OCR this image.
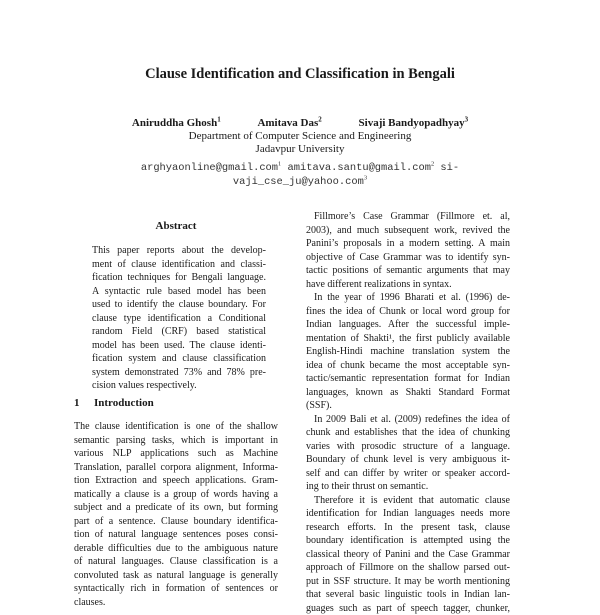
Clause Identification and Classification in Bengali
Aniruddha Ghosh$^1$	Amitava Das$^2$	Sivaji Bandyopadhyay$^3$
Department of Computer Science and Engineering
Jadavpur University
arghyaonline@gmail.com$^1$ amitava.santu@gmail.com$^2$ si-
vaji_cse_ju@yahoo.com$^3$
Abstract
This paper reports about the develop-
ment of clause identification and classi-
fication techniques for Bengali language.
A syntactic rule based model has been
used to identify the clause boundary. For
clause type identification a Conditional
random Field (CRF) based statistical
model has been used. The clause identi-
fication system and clause classification
system demonstrated 73% and 78% pre-
cision values respectively.
1 Introduction
The clause identification is one of the shallow
semantic parsing tasks, which is important in
various NLP applications such as Machine
Translation, parallel corpora alignment, Informa-
tion Extraction and speech applications. Gram-
matically a clause is a group of words having a
subject and a predicate of its own, but forming
part of a sentence. Clause boundary identifica-
tion of natural language sentences poses consi-
derable difficulties due to the ambiguous nature
of natural languages. Clause classification is a
convoluted task as natural language is generally
syntactically rich in formation of sentences or
clauses.
Fillmore’s Case Grammar (Fillmore et. al,
2003), and much subsequent work, revived the
Panini’s proposals in a modern setting. A main
objective of Case Grammar was to identify syn-
tactic positions of semantic arguments that may
have different realizations in syntax.
In the year of 1996 Bharati et al. (1996) de-
fines the idea of Chunk or local word group for
Indian languages. After the successful imple-
mentation of Shakti¹, the first publicly available
English-Hindi machine translation system the
idea of chunk became the most acceptable syn-
tactic/semantic representation format for Indian
languages, known as Shakti Standard Format
(SSF).
In 2009 Bali et al. (2009) redefines the idea of
chunk and establishes that the idea of chunking
varies with prosodic structure of a language.
Boundary of chunk level is very ambiguous it-
self and can differ by writer or speaker accord-
ing to their thrust on semantic.
Therefore it is evident that automatic clause
identification for Indian languages needs more
research efforts. In the present task, clause
boundary identification is attempted using the
classical theory of Panini and the Case Grammar
approach of Fillmore on the shallow parsed out-
put in SSF structure. It may be worth mentioning
that several basic linguistic tools in Indian lan-
guages such as part of speech tagger, chunker,
